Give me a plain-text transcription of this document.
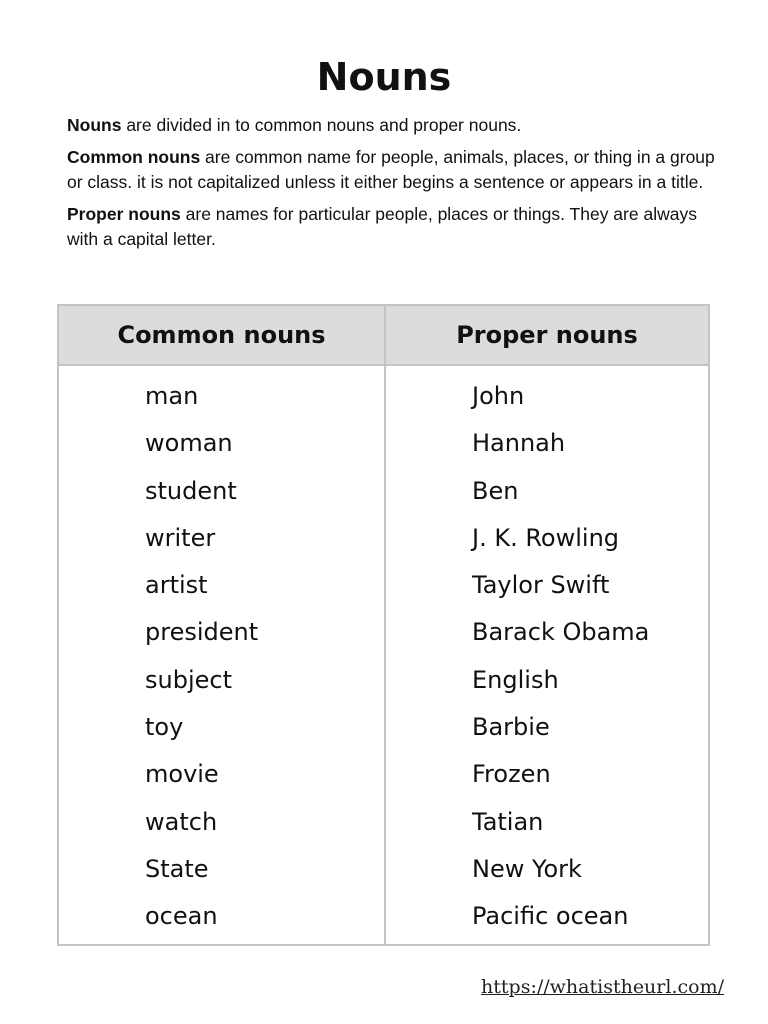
Nouns

Nouns are divided in to common nouns and proper nouns.

Common nouns are common name for people, animals, places, or thing in a group or class. it is not capitalized unless it either begins a sentence or appears in a title.

Proper nouns are names for particular people, places or things. They are always with a capital letter.

Common nouns	Proper nouns
man
woman
student
writer
artist
president
subject
toy
movie
watch
State
ocean
John
Hannah
Ben
J. K. Rowling
Taylor Swift
Barack Obama
English
Barbie
Frozen
Tatian
New York
Pacific ocean
https://whatistheurl.com/
